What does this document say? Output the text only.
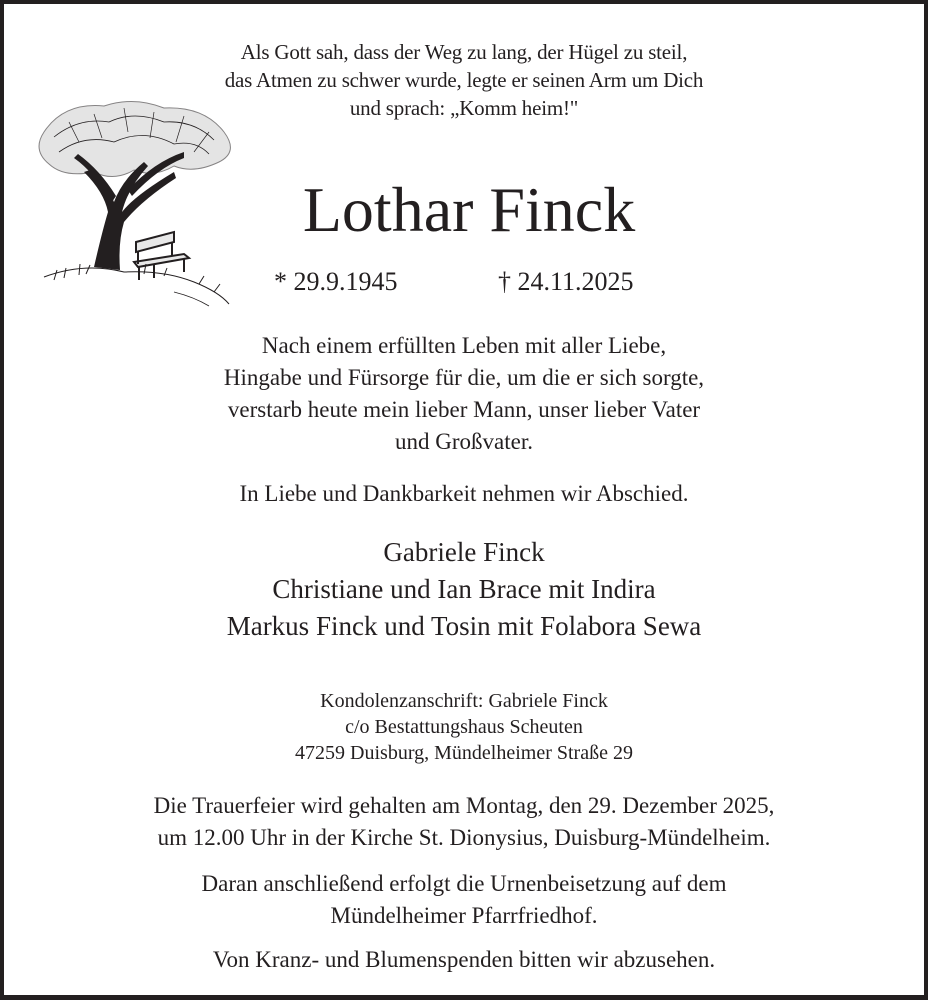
Als Gott sah, dass der Weg zu lang, der Hügel zu steil,
das Atmen zu schwer wurde, legte er seinen Arm um Dich
und sprach: „Komm heim!"
Lothar Finck
* 29.9.1945	† 24.11.2025
Nach einem erfüllten Leben mit aller Liebe,
Hingabe und Fürsorge für die, um die er sich sorgte,
verstarb heute mein lieber Mann, unser lieber Vater
und Großvater.
In Liebe und Dankbarkeit nehmen wir Abschied.
Gabriele Finck
Christiane und Ian Brace mit Indira
Markus Finck und Tosin mit Folabora Sewa
Kondolenzanschrift: Gabriele Finck
c/o Bestattungshaus Scheuten
47259 Duisburg, Mündelheimer Straße 29
Die Trauerfeier wird gehalten am Montag, den 29. Dezember 2025,
um 12.00 Uhr in der Kirche St. Dionysius, Duisburg-Mündelheim.
Daran anschließend erfolgt die Urnenbeisetzung auf dem
Mündelheimer Pfarrfriedhof.
Von Kranz- und Blumenspenden bitten wir abzusehen.
